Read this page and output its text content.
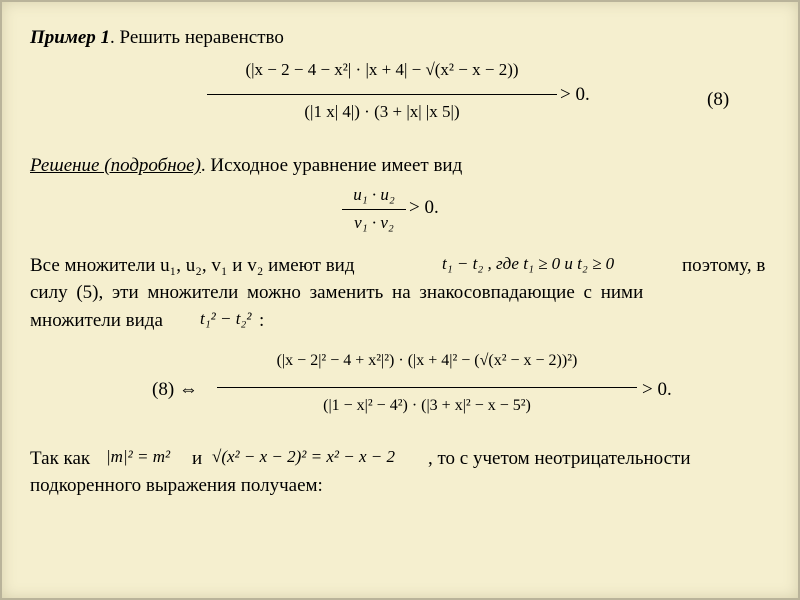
Пример 1. Решить неравенство
(|x − 2 − 4 − x²| · |x + 4| − √(x² − x − 2))
(|1 x| 4|) · (3 + |x| |x 5|)
> 0.	(8)
Решение (подробное). Исходное уравнение имеет вид
u₁ · u₂
v₁ · v₂
> 0.
Все множители u₁, u₂, v₁ и v₂ имеют вид	t₁ − t₂ , где t₁ ≥ 0 и t₂ ≥ 0	поэтому, в
силу (5), эти множители можно заменить на знакосовпадающие с ними
множители вида t₁² − t₂² :
(8) ⇔
(|x − 2|² − 4 + x²|²) · (|x + 4|² − (√(x² − x − 2))²)
(|1 − x|² − 4²) · (|3 + x|² − x − 5²)
> 0.
Так как |m|² = m² и √(x² − x − 2)² = x² − x − 2 , то с учетом неотрицательности
подкоренного выражения получаем:
